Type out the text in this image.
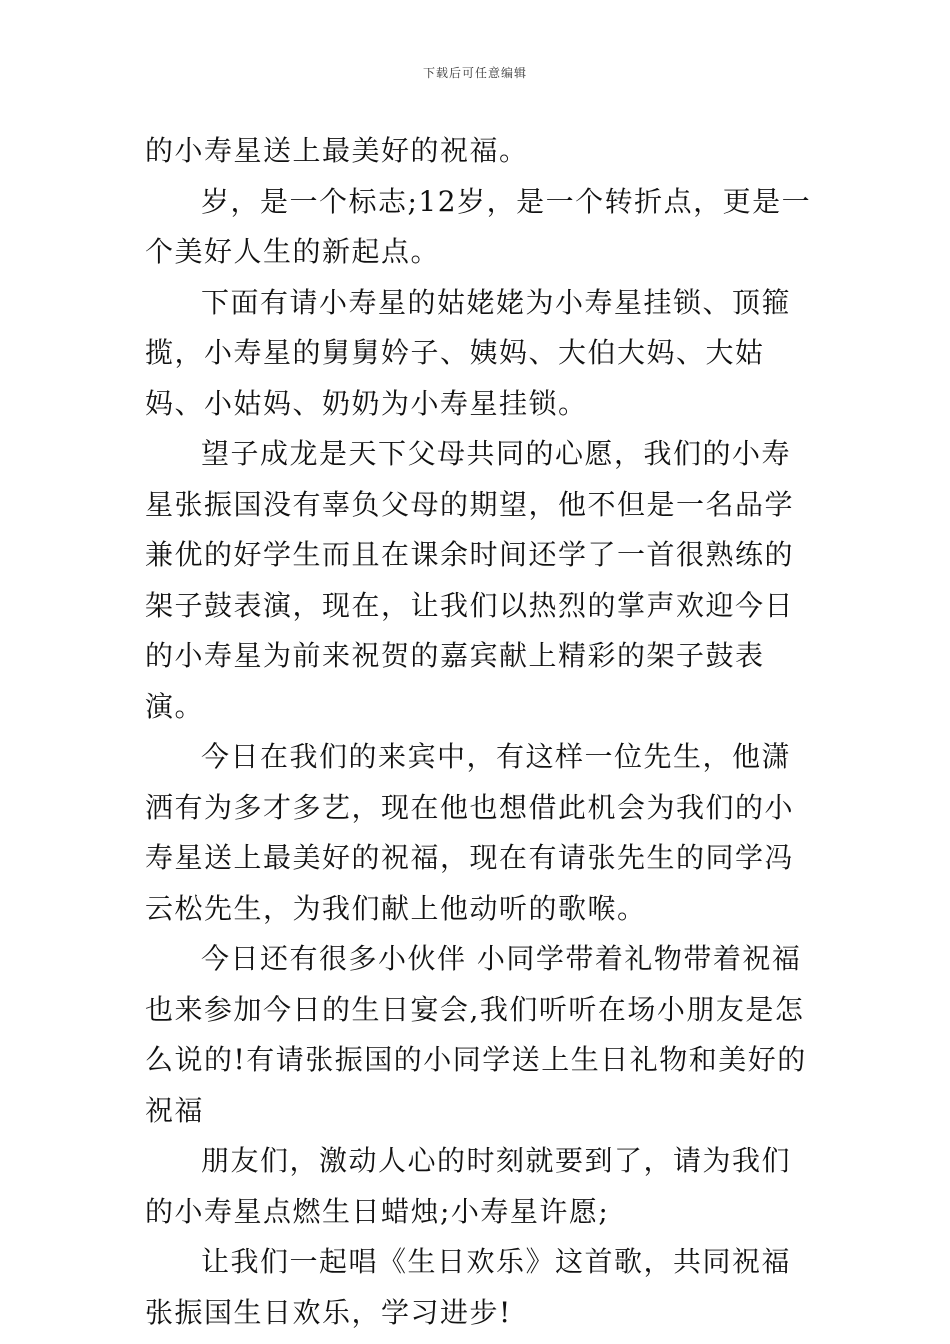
下载后可任意编辑

的小寿星送上最美好的祝福。

岁，是一个标志;12岁，是一个转折点，更是一个美好人生的新起点。

下面有请小寿星的姑姥姥为小寿星挂锁、顶箍揽，小寿星的舅舅妗子、姨妈、大伯大妈、大姑妈、小姑妈、奶奶为小寿星挂锁。

望子成龙是天下父母共同的心愿，我们的小寿星张振国没有辜负父母的期望，他不但是一名品学兼优的好学生而且在课余时间还学了一首很熟练的架子鼓表演，现在，让我们以热烈的掌声欢迎今日的小寿星为前来祝贺的嘉宾献上精彩的架子鼓表演。

今日在我们的来宾中，有这样一位先生，他潇洒有为多才多艺，现在他也想借此机会为我们的小寿星送上最美好的祝福，现在有请张先生的同学冯云松先生，为我们献上他动听的歌喉。

今日还有很多小伙伴 小同学带着礼物带着祝福也来参加今日的生日宴会,我们听听在场小朋友是怎么说的!有请张振国的小同学送上生日礼物和美好的祝福

朋友们，激动人心的时刻就要到了，请为我们的小寿星点燃生日蜡烛;小寿星许愿;

让我们一起唱《生日欢乐》这首歌，共同祝福张振国生日欢乐，学习进步!
